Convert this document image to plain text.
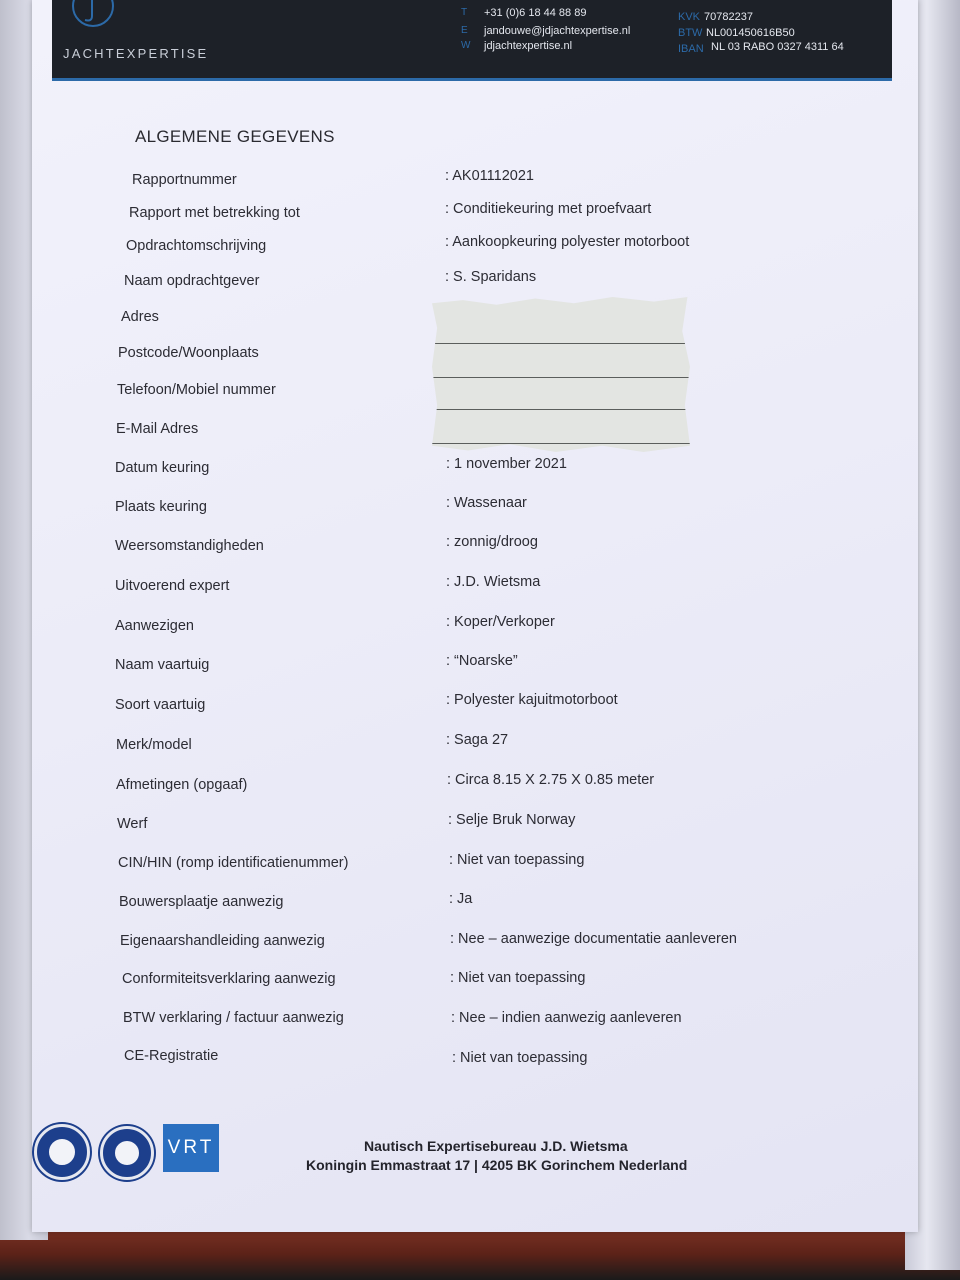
JACHTEXPERTISE
T +31 (0)6 18 44 88 89
E jandouwe@jdjachtexpertise.nl
W jdjachtexpertise.nl
KVK 70782237
BTW NL001450616B50
IBAN NL 03 RABO 0327 4311 64
ALGEMENE GEGEVENS
Rapportnummer	: AK01112021
Rapport met betrekking tot	: Conditiekeuring met proefvaart
Opdrachtomschrijving	: Aankoopkeuring polyester motorboot
Naam opdrachtgever	: S. Sparidans
Adres
Postcode/Woonplaats
Telefoon/Mobiel nummer
E-Mail Adres
Datum keuring	: 1 november 2021
Plaats keuring	: Wassenaar
Weersomstandigheden	: zonnig/droog
Uitvoerend expert	: J.D. Wietsma
Aanwezigen	: Koper/Verkoper
Naam vaartuig	: “Noarske”
Soort vaartuig	: Polyester kajuitmotorboot
Merk/model	: Saga 27
Afmetingen (opgaaf)	: Circa 8.15 X 2.75 X 0.85 meter
Werf	: Selje Bruk Norway
CIN/HIN (romp identificatienummer)	: Niet van toepassing
Bouwersplaatje aanwezig	: Ja
Eigenaarshandleiding aanwezig	: Nee – aanwezige documentatie aanleveren
Conformiteitsverklaring aanwezig	: Niet van toepassing
BTW verklaring / factuur aanwezig	: Nee – indien aanwezig aanleveren
CE-Registratie	: Niet van toepassing
VRT	Nautisch Expertisebureau J.D. Wietsma
Koningin Emmastraat 17 | 4205 BK Gorinchem Nederland
